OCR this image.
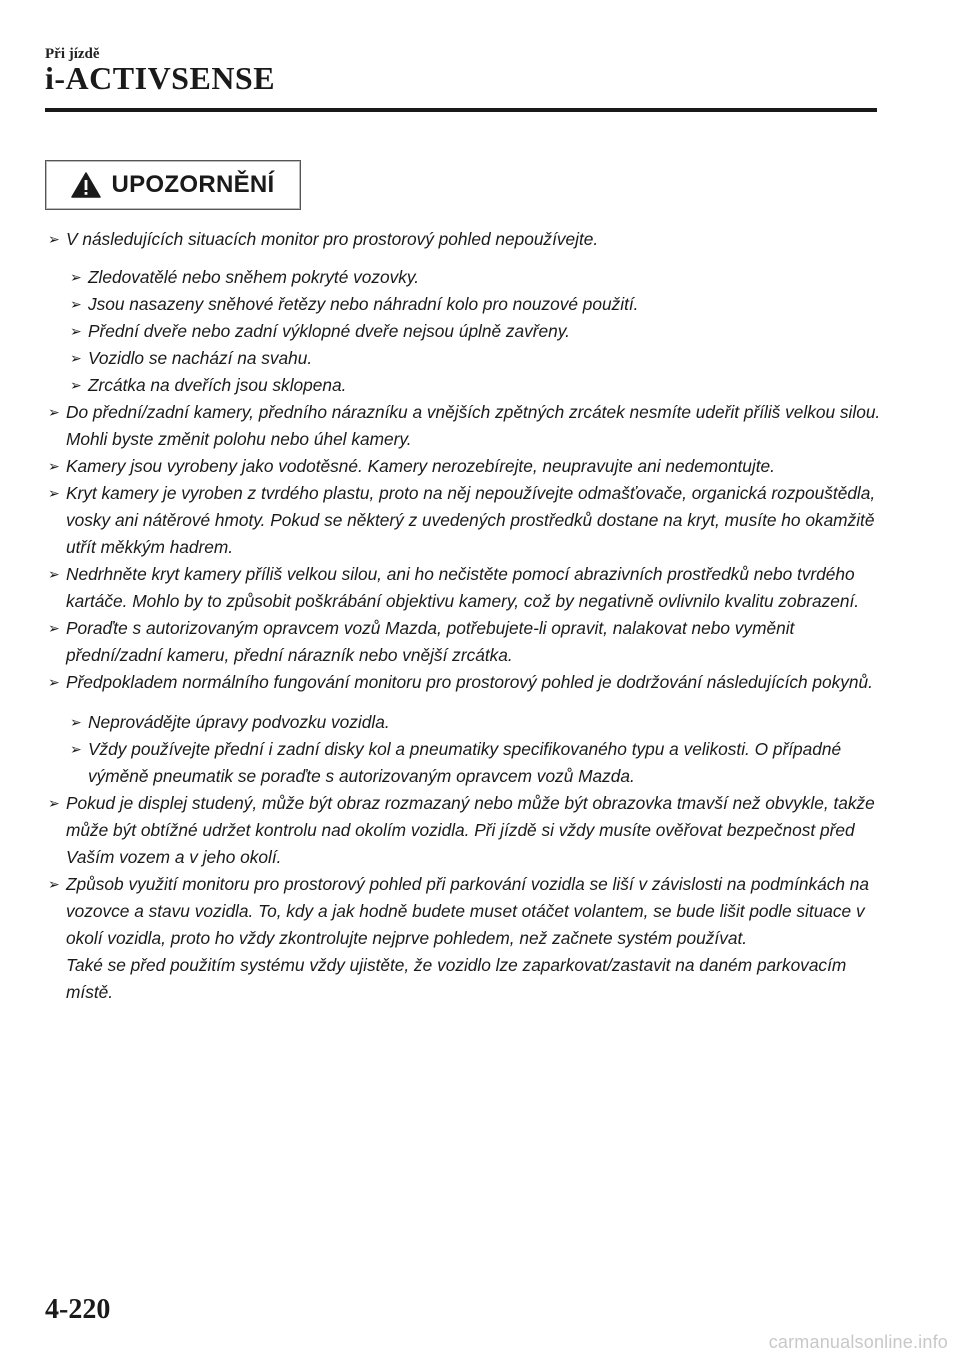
Při jízdě
i-ACTIVSENSE
UPOZORNĚNÍ
➢ V následujících situacích monitor pro prostorový pohled nepoužívejte.
➢ Zledovatělé nebo sněhem pokryté vozovky.
➢ Jsou nasazeny sněhové řetězy nebo náhradní kolo pro nouzové použití.
➢ Přední dveře nebo zadní výklopné dveře nejsou úplně zavřeny.
➢ Vozidlo se nachází na svahu.
➢ Zrcátka na dveřích jsou sklopena.
➢ Do přední/zadní kamery, předního nárazníku a vnějších zpětných zrcátek nesmíte udeřit příliš velkou silou. Mohli byste změnit polohu nebo úhel kamery.
➢ Kamery jsou vyrobeny jako vodotěsné. Kamery nerozebírejte, neupravujte ani nedemontujte.
➢ Kryt kamery je vyroben z tvrdého plastu, proto na něj nepoužívejte odmašťovače, organická rozpouštědla, vosky ani nátěrové hmoty. Pokud se některý z uvedených prostředků dostane na kryt, musíte ho okamžitě utřít měkkým hadrem.
➢ Nedrhněte kryt kamery příliš velkou silou, ani ho nečistěte pomocí abrazivních prostředků nebo tvrdého kartáče. Mohlo by to způsobit poškrábání objektivu kamery, což by negativně ovlivnilo kvalitu zobrazení.
➢ Poraďte s autorizovaným opravcem vozů Mazda, potřebujete-li opravit, nalakovat nebo vyměnit přední/zadní kameru, přední nárazník nebo vnější zrcátka.
➢ Předpokladem normálního fungování monitoru pro prostorový pohled je dodržování následujících pokynů.
➢ Neprovádějte úpravy podvozku vozidla.
➢ Vždy používejte přední i zadní disky kol a pneumatiky specifikovaného typu a velikosti. O případné výměně pneumatik se poraďte s autorizovaným opravcem vozů Mazda.
➢ Pokud je displej studený, může být obraz rozmazaný nebo může být obrazovka tmavší než obvykle, takže může být obtížné udržet kontrolu nad okolím vozidla. Při jízdě si vždy musíte ověřovat bezpečnost před Vaším vozem a v jeho okolí.
➢ Způsob využití monitoru pro prostorový pohled při parkování vozidla se liší v závislosti na podmínkách na vozovce a stavu vozidla. To, kdy a jak hodně budete muset otáčet volantem, se bude lišit podle situace v okolí vozidla, proto ho vždy zkontrolujte nejprve pohledem, než začnete systém používat.
Také se před použitím systému vždy ujistěte, že vozidlo lze zaparkovat/zastavit na daném parkovacím místě.
4-220
carmanualsonline.info
